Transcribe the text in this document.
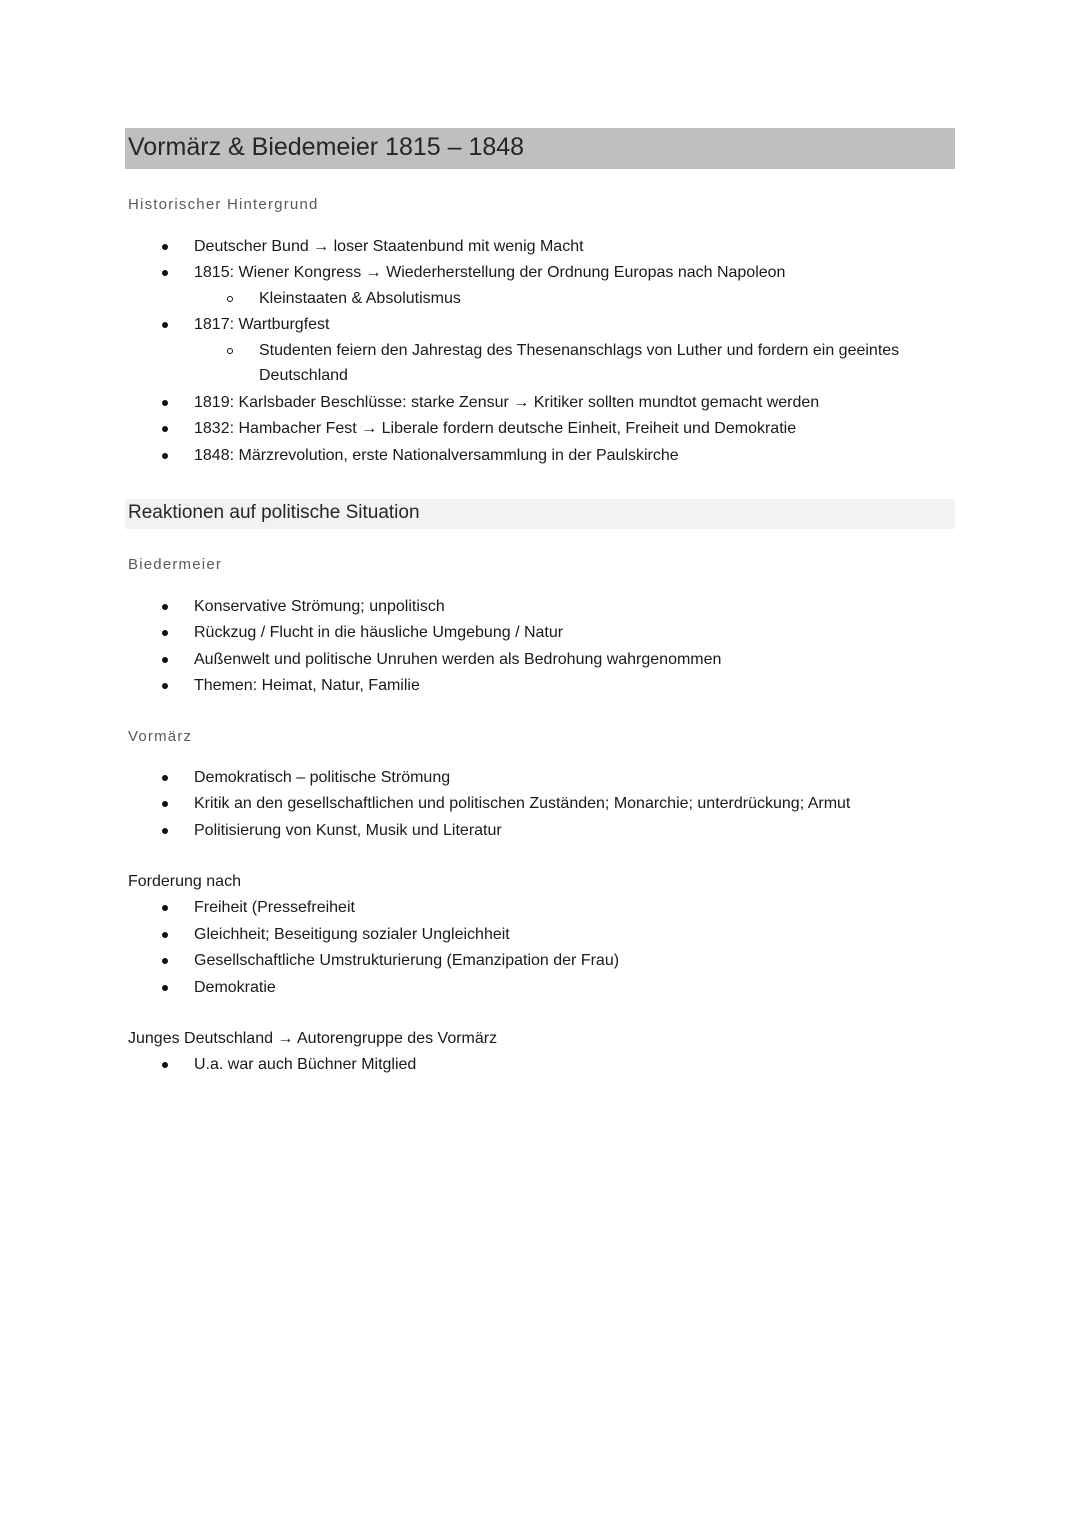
Vormärz & Biedemeier 1815 – 1848
Historischer Hintergrund
Deutscher Bund → loser Staatenbund mit wenig Macht
1815: Wiener Kongress → Wiederherstellung der Ordnung Europas nach Napoleon
Kleinstaaten & Absolutismus
1817: Wartburgfest
Studenten feiern den Jahrestag des Thesenanschlags von Luther und fordern ein geeintes
Deutschland
1819: Karlsbader Beschlüsse: starke Zensur → Kritiker sollten mundtot gemacht werden
1832: Hambacher Fest → Liberale fordern deutsche Einheit, Freiheit und Demokratie
1848: Märzrevolution, erste Nationalversammlung in der Paulskirche
Reaktionen auf politische Situation
Biedermeier
Konservative Strömung; unpolitisch
Rückzug / Flucht in die häusliche Umgebung / Natur
Außenwelt und politische Unruhen werden als Bedrohung wahrgenommen
Themen: Heimat, Natur, Familie
Vormärz
Demokratisch – politische Strömung
Kritik an den gesellschaftlichen und politischen Zuständen; Monarchie; unterdrückung; Armut
Politisierung von Kunst, Musik und Literatur
Forderung nach
Freiheit (Pressefreiheit
Gleichheit; Beseitigung sozialer Ungleichheit
Gesellschaftliche Umstrukturierung (Emanzipation der Frau)
Demokratie
Junges Deutschland → Autorengruppe des Vormärz
U.a. war auch Büchner Mitglied
